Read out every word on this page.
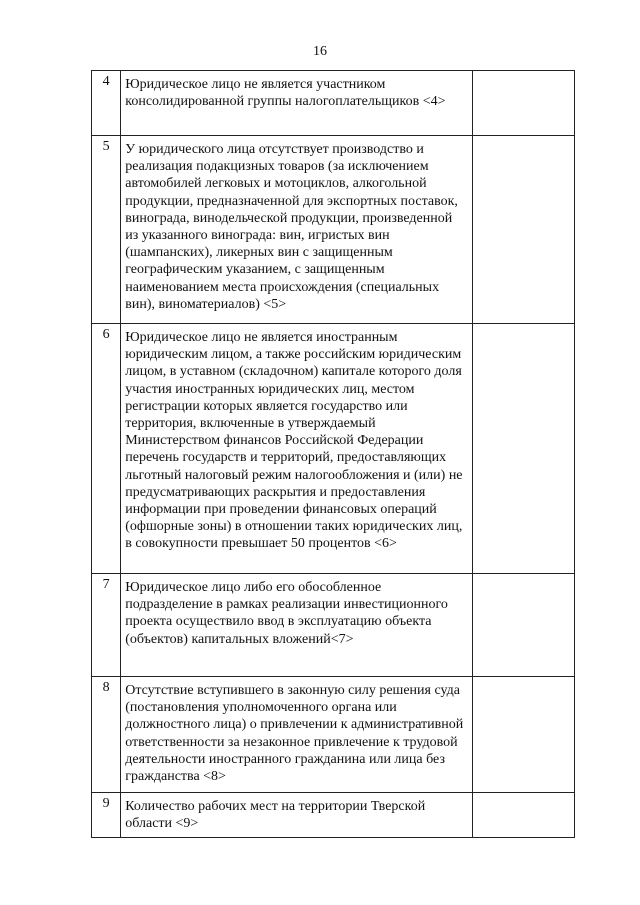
16
4	Юридическое лицо не является участником консолидированной группы налогоплательщиков <4>	

5	У юридического лица отсутствует производство и реализация подакцизных товаров (за исключением автомобилей легковых и мотоциклов, алкогольной продукции, предназначенной для экспортных поставок, винограда, винодельческой продукции, произведенной из указанного винограда: вин, игристых вин (шампанских), ликерных вин с защищенным географическим указанием, с защищенным наименованием места происхождения (специальных вин), виноматериалов) <5>	

6	Юридическое лицо не является иностранным юридическим лицом, а также российским юридическим лицом, в уставном (складочном) капитале которого доля участия иностранных юридических лиц, местом регистрации которых является государство или территория, включенные в утверждаемый Министерством финансов Российской Федерации перечень государств и территорий, предоставляющих льготный налоговый режим налогообложения и (или) не предусматривающих раскрытия и предоставления информации при проведении финансовых операций (офшорные зоны) в отношении таких юридических лиц, в совокупности превышает 50 процентов <6>	

7	Юридическое лицо либо его обособленное подразделение в рамках реализации инвестиционного проекта осуществило ввод в эксплуатацию объекта (объектов) капитальных вложений<7>	

8	Отсутствие вступившего в законную силу решения суда (постановления уполномоченного органа или должностного лица) о привлечении к административной ответственности за незаконное привлечение к трудовой деятельности иностранного гражданина или лица без гражданства <8>	

9	Количество рабочих мест на территории Тверской области <9>	
